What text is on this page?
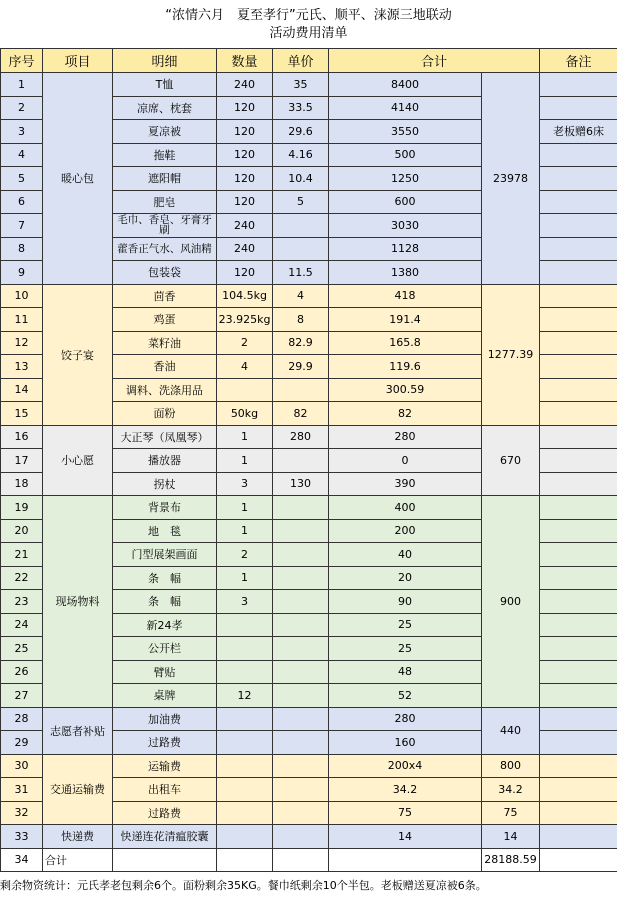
“浓情六月　夏至孝行”元氏、顺平、涞源三地联动
活动费用清单
序号	项目	明细	数量	单价	合计		备注
1	暖心包	T恤	240	35	8400	23978	
2		凉席、枕套	120	33.5	4140		
3		夏凉被	120	29.6	3550		老板赠6床
4		拖鞋	120	4.16	500		
5		遮阳帽	120	10.4	1250		
6		肥皂	120	5	600		
7		毛巾、香皂、牙膏牙刷	240		3030		
8		藿香正气水、风油精	240		1128		
9		包装袋	120	11.5	1380		
10	饺子宴	茴香	104.5kg	4	418	1277.39	
11		鸡蛋	23.925kg	8	191.4		
12		菜籽油	2	82.9	165.8		
13		香油	4	29.9	119.6		
14		调料、洗涤用品			300.59		
15		面粉	50kg	82	82		
16	小心愿	大正琴（凤凰琴）	1	280	280	670	
17		播放器	1		0		
18		拐杖	3	130	390		
19	现场物料	背景布	1		400	900	
20		地　毯	1		200		
21		门型展架画面	2		40		
22		条　幅	1		20		
23		条　幅	3		90		
24		新24孝			25		
25		公开栏			25		
26		臂贴			48		
27		桌牌	12		52		
28	志愿者补贴	加油费			280	440	
29		过路费			160		
30	交通运输费	运输费			200x4	800	
31		出租车			34.2	34.2	
32		过路费			75	75	
33	快递费	快递连花清瘟胶囊			14	14	
34	合计					28188.59	
剩余物资统计：元氏孝老包剩余6个。面粉剩余35KG。餐巾纸剩余10个半包。老板赠送夏凉被6条。
